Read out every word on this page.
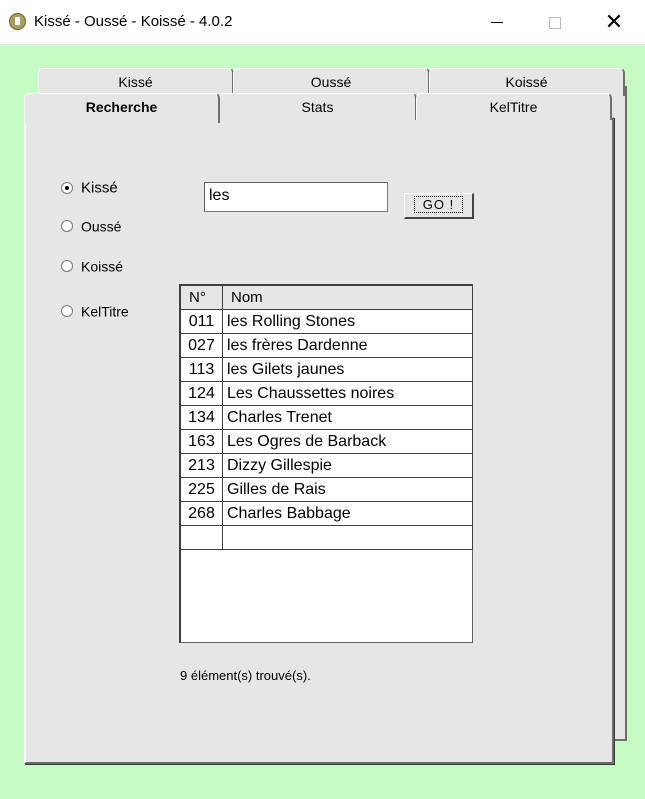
Kissé - Oussé - Koissé - 4.0.2	✕
Kissé	Oussé	Koissé
Recherche	Stats	KelTitre
Kissé
Oussé
Koissé
KelTitre
les
GO !
N°	Nom
011 les Rolling Stones
027 les frères Dardenne
113 les Gilets jaunes
124 Les Chaussettes noires
134 Charles Trenet
163 Les Ogres de Barback
213 Dizzy Gillespie
225 Gilles de Rais
268 Charles Babbage
9 élément(s) trouvé(s).
